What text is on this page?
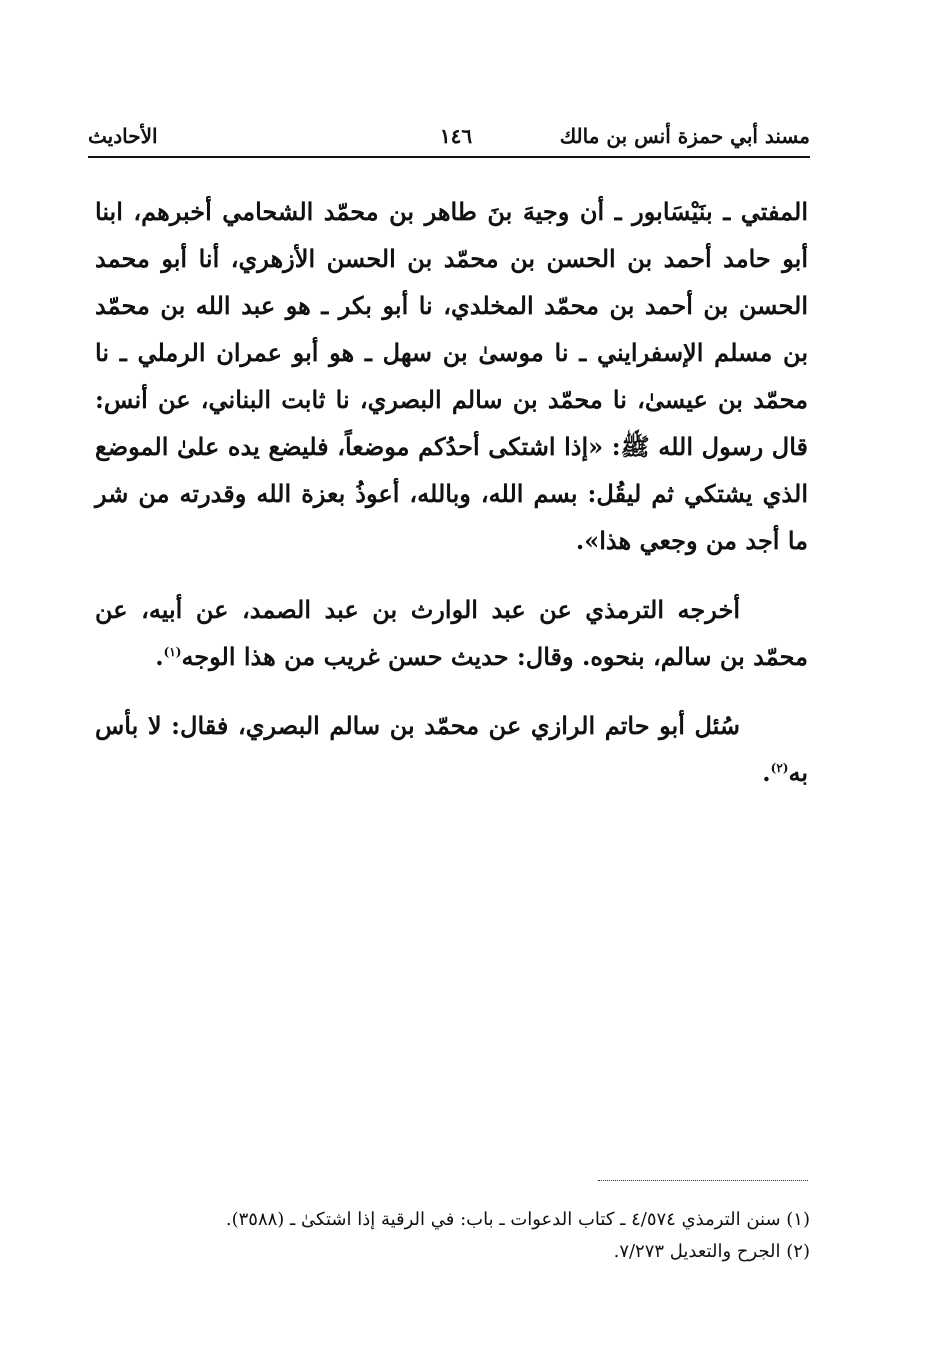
مسند أبي حمزة أنس بن مالك
١٤٦
الأحاديث

المفتي ـ بنَيْسَابور ـ أن وجيهَ بنَ طاهر بن محمّد الشحامي أخبرهم، ابنا أبو حامد أحمد بن الحسن بن محمّد بن الحسن الأزهري، أنا أبو محمد الحسن بن أحمد بن محمّد المخلدي، نا أبو بكر ـ هو عبد الله بن محمّد بن مسلم الإسفرايني ـ نا موسىٰ بن سهل ـ هو أبو عمران الرملي ـ نا محمّد بن عيسىٰ، نا محمّد بن سالم البصري، نا ثابت البناني، عن أنس: قال رسول الله ﷺ: «إذا اشتكى أحدُكم موضعاً، فليضع يده علىٰ الموضع الذي يشتكي ثم ليقُل: بسم الله، وبالله، أعوذُ بعزة الله وقدرته من شر ما أجد من وجعي هذا».

أخرجه الترمذي عن عبد الوارث بن عبد الصمد، عن أبيه، عن محمّد بن سالم، بنحوه. وقال: حديث حسن غريب من هذا الوجه$^{(١)}$.

سُئل أبو حاتم الرازي عن محمّد بن سالم البصري، فقال: لا بأس به$^{(٢)}$.

(١) سنن الترمذي ٤/٥٧٤ ـ كتاب الدعوات ـ باب: في الرقية إذا اشتكىٰ ـ (٣٥٨٨).

(٢) الجرح والتعديل ٧/٢٧٣.
